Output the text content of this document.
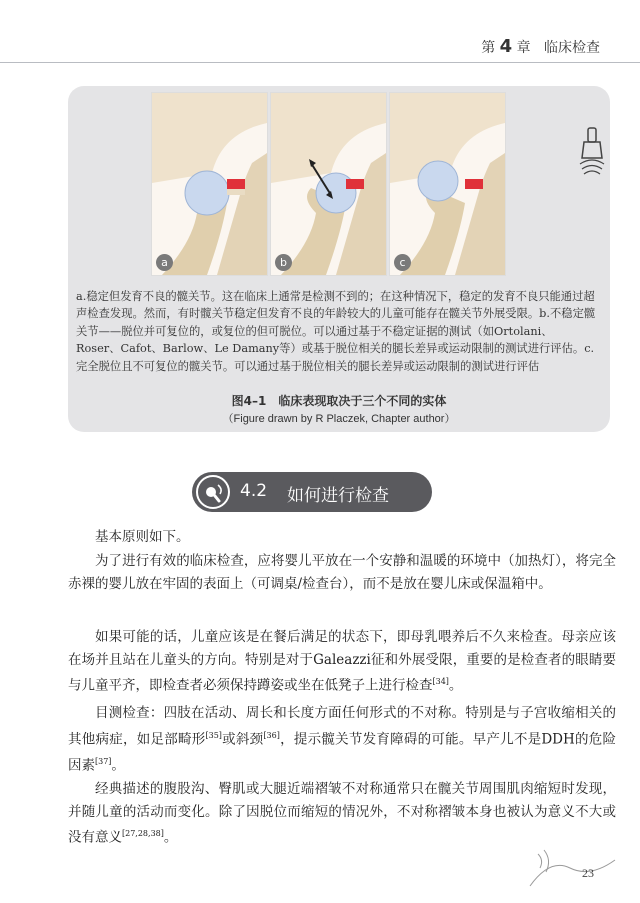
第 4 章 临床检查
a	b	c
a.稳定但发育不良的髋关节。这在临床上通常是检测不到的；在这种情况下，稳定的发育不良只能通过超声检查发现。然而，有时髋关节稳定但发育不良的年龄较大的儿童可能存在髋关节外展受限。b.不稳定髋关节——脱位并可复位的，或复位的但可脱位。可以通过基于不稳定证据的测试（如Ortolani、Roser、Cafot、Barlow、Le Damany等）或基于脱位相关的腿长差异或运动限制的测试进行评估。c.完全脱位且不可复位的髋关节。可以通过基于脱位相关的腿长差异或运动限制的测试进行评估
图4–1　临床表现取决于三个不同的实体
（Figure drawn by R Placzek, Chapter author）
4.2 如何进行检查
基本原则如下。
为了进行有效的临床检查，应将婴儿平放在一个安静和温暖的环境中（加热灯），将完全赤裸的婴儿放在牢固的表面上（可调桌/检查台），而不是放在婴儿床或保温箱中。
如果可能的话，儿童应该是在餐后满足的状态下，即母乳喂养后不久来检查。母亲应该在场并且站在儿童头的方向。特别是对于Galeazzi征和外展受限，重要的是检查者的眼睛要与儿童平齐，即检查者必须保持蹲姿或坐在低凳子上进行检查[34]。
目测检查：四肢在活动、周长和长度方面任何形式的不对称。特别是与子宫收缩相关的其他病症，如足部畸形[35]或斜颈[36]，提示髋关节发育障碍的可能。早产儿不是DDH的危险因素[37]。
经典描述的腹股沟、臀肌或大腿近端褶皱不对称通常只在髋关节周围肌肉缩短时发现，并随儿童的活动而变化。除了因脱位而缩短的情况外，不对称褶皱本身也被认为意义不大或没有意义[27,28,38]。
23
